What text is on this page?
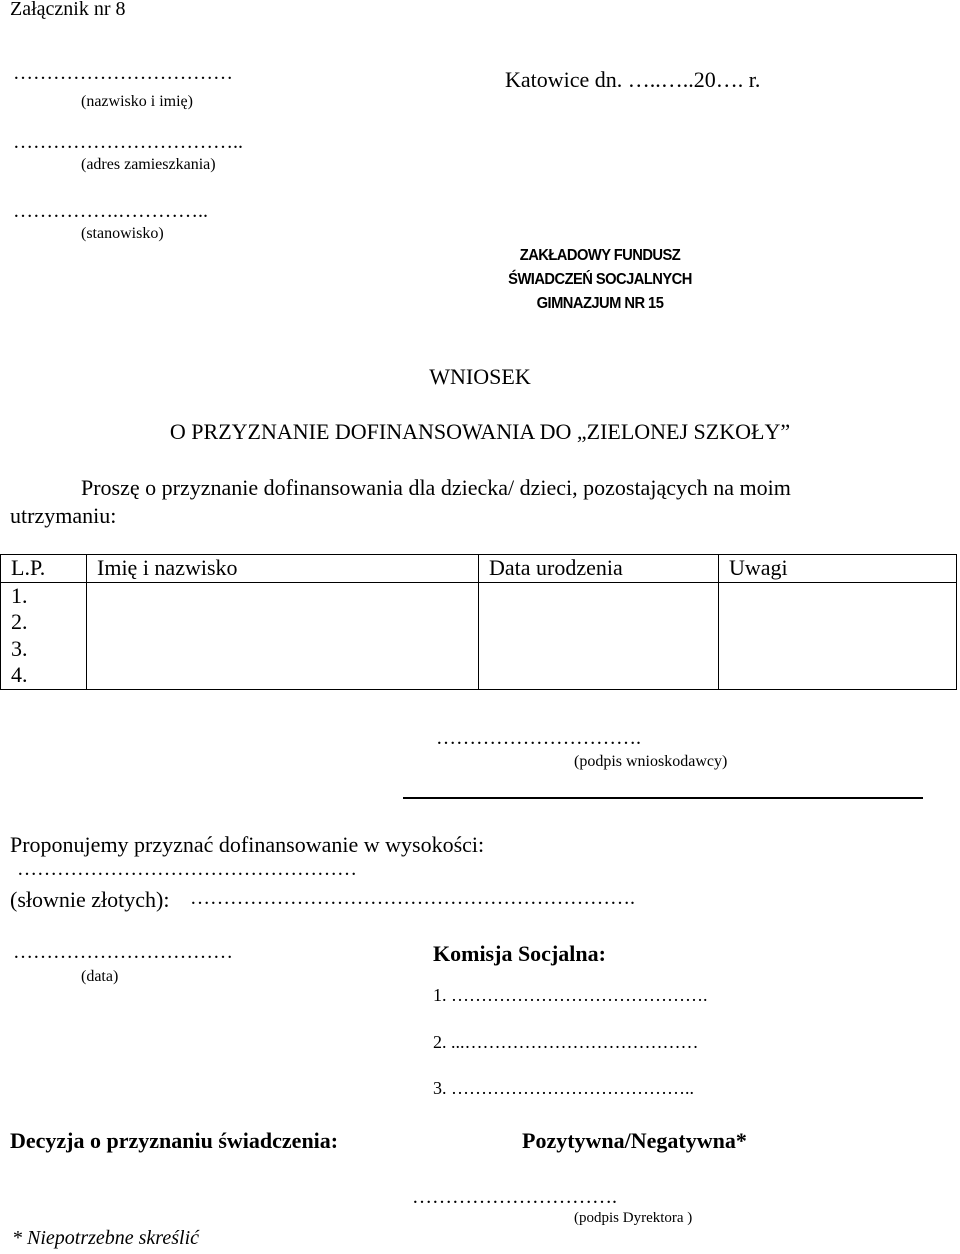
Załącznik nr 8
……………………………
(nazwisko i imię)
Katowice dn. …..…..20…. r.
……………………………..
(adres zamieszkania)
…………….…………..
(stanowisko)
ZAKŁADOWY FUNDUSZ
ŚWIADCZEŃ SOCJALNYCH
GIMNAZJUM NR 15
WNIOSEK
O PRZYZNANIE DOFINANSOWANIA DO „ZIELONEJ SZKOŁY”
Proszę o przyznanie dofinansowania dla dziecka/ dzieci, pozostających na moim
utrzymaniu:
L.P.	Imię i nazwisko	Data urodzenia	Uwagi
1.			
2.			
3.			
4.			
………………………….
(podpis wnioskodawcy)
Proponujemy przyznać dofinansowanie w wysokości:
……………………………………………
(słownie złotych): ………………………………………………………….
……………………………
(data)
Komisja Socjalna:
1. …………………………………….
2. ...…………………………………
3. …………………………………..
Decyzja o przyznaniu świadczenia:	Pozytywna/Negatywna*
………………………….
(podpis Dyrektora )
* Niepotrzebne skreślić
